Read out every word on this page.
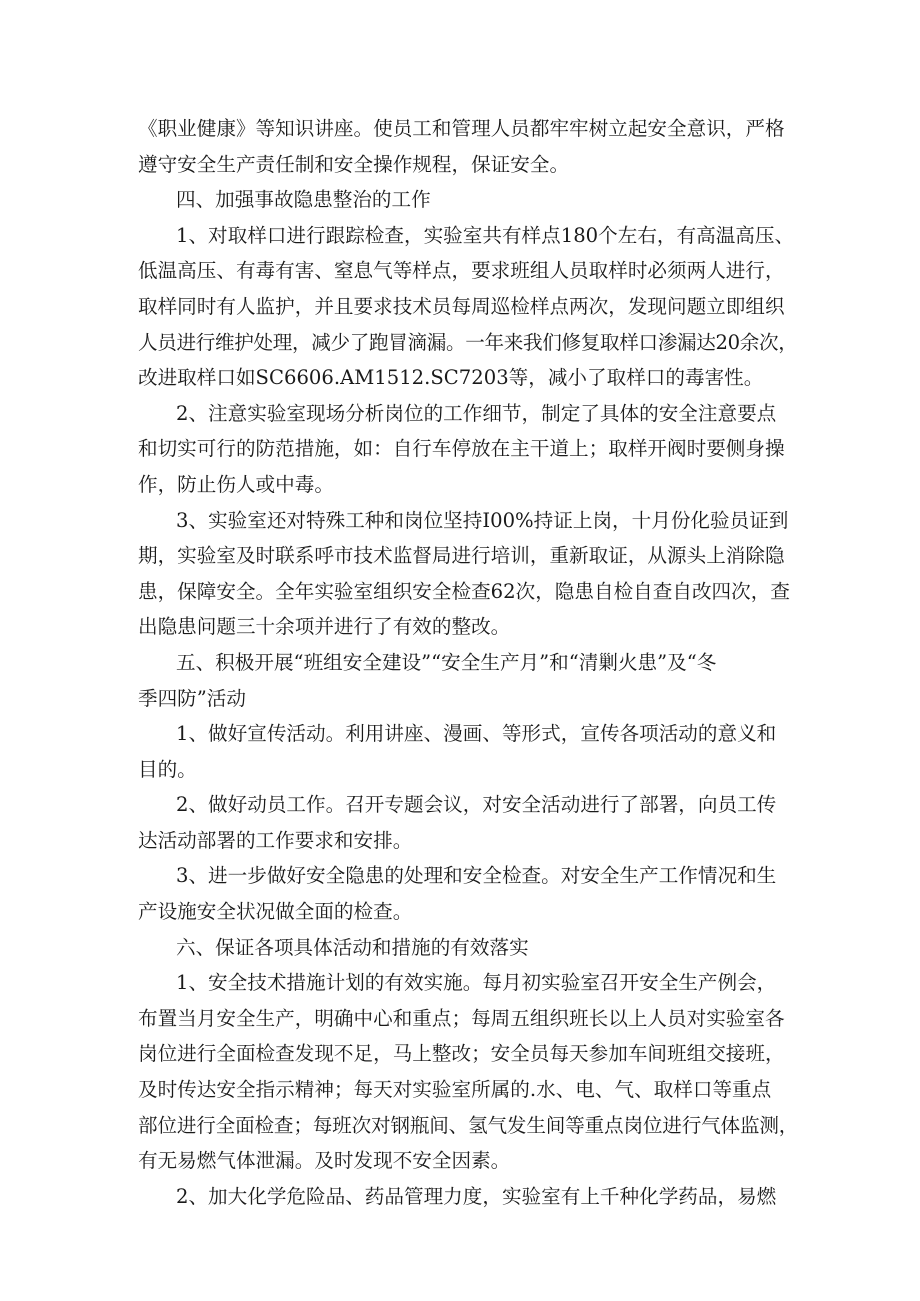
《职业健康》等知识讲座。使员工和管理人员都牢牢树立起安全意识，严格
遵守安全生产责任制和安全操作规程，保证安全。
四、加强事故隐患整治的工作
1、对取样口进行跟踪检查，实验室共有样点180个左右，有高温高压、
低温高压、有毒有害、窒息气等样点，要求班组人员取样时必须两人进行，
取样同时有人监护，并且要求技术员每周巡检样点两次，发现问题立即组织
人员进行维护处理，减少了跑冒滴漏。一年来我们修复取样口渗漏达20余次，
改进取样口如SC6606.AM1512.SC7203等，减小了取样口的毒害性。
2、注意实验室现场分析岗位的工作细节，制定了具体的安全注意要点
和切实可行的防范措施，如：自行车停放在主干道上；取样开阀时要侧身操
作，防止伤人或中毒。
3、实验室还对特殊工种和岗位坚持I00%持证上岗，十月份化验员证到
期，实验室及时联系呼市技术监督局进行培训，重新取证，从源头上消除隐
患，保障安全。全年实验室组织安全检查62次，隐患自检自查自改四次，查
出隐患问题三十余项并进行了有效的整改。
五、积极开展“班组安全建设”“安全生产月”和“清剿火患”及“冬
季四防”活动
1、做好宣传活动。利用讲座、漫画、等形式，宣传各项活动的意义和
目的。
2、做好动员工作。召开专题会议，对安全活动进行了部署，向员工传
达活动部署的工作要求和安排。
3、进一步做好安全隐患的处理和安全检查。对安全生产工作情况和生
产设施安全状况做全面的检查。
六、保证各项具体活动和措施的有效落实
1、安全技术措施计划的有效实施。每月初实验室召开安全生产例会，
布置当月安全生产，明确中心和重点；每周五组织班长以上人员对实验室各
岗位进行全面检查发现不足，马上整改；安全员每天参加车间班组交接班，
及时传达安全指示精神；每天对实验室所属的.水、电、气、取样口等重点
部位进行全面检查；每班次对钢瓶间、氢气发生间等重点岗位进行气体监测，
有无易燃气体泄漏。及时发现不安全因素。
2、加大化学危险品、药品管理力度，实验室有上千种化学药品，易燃
